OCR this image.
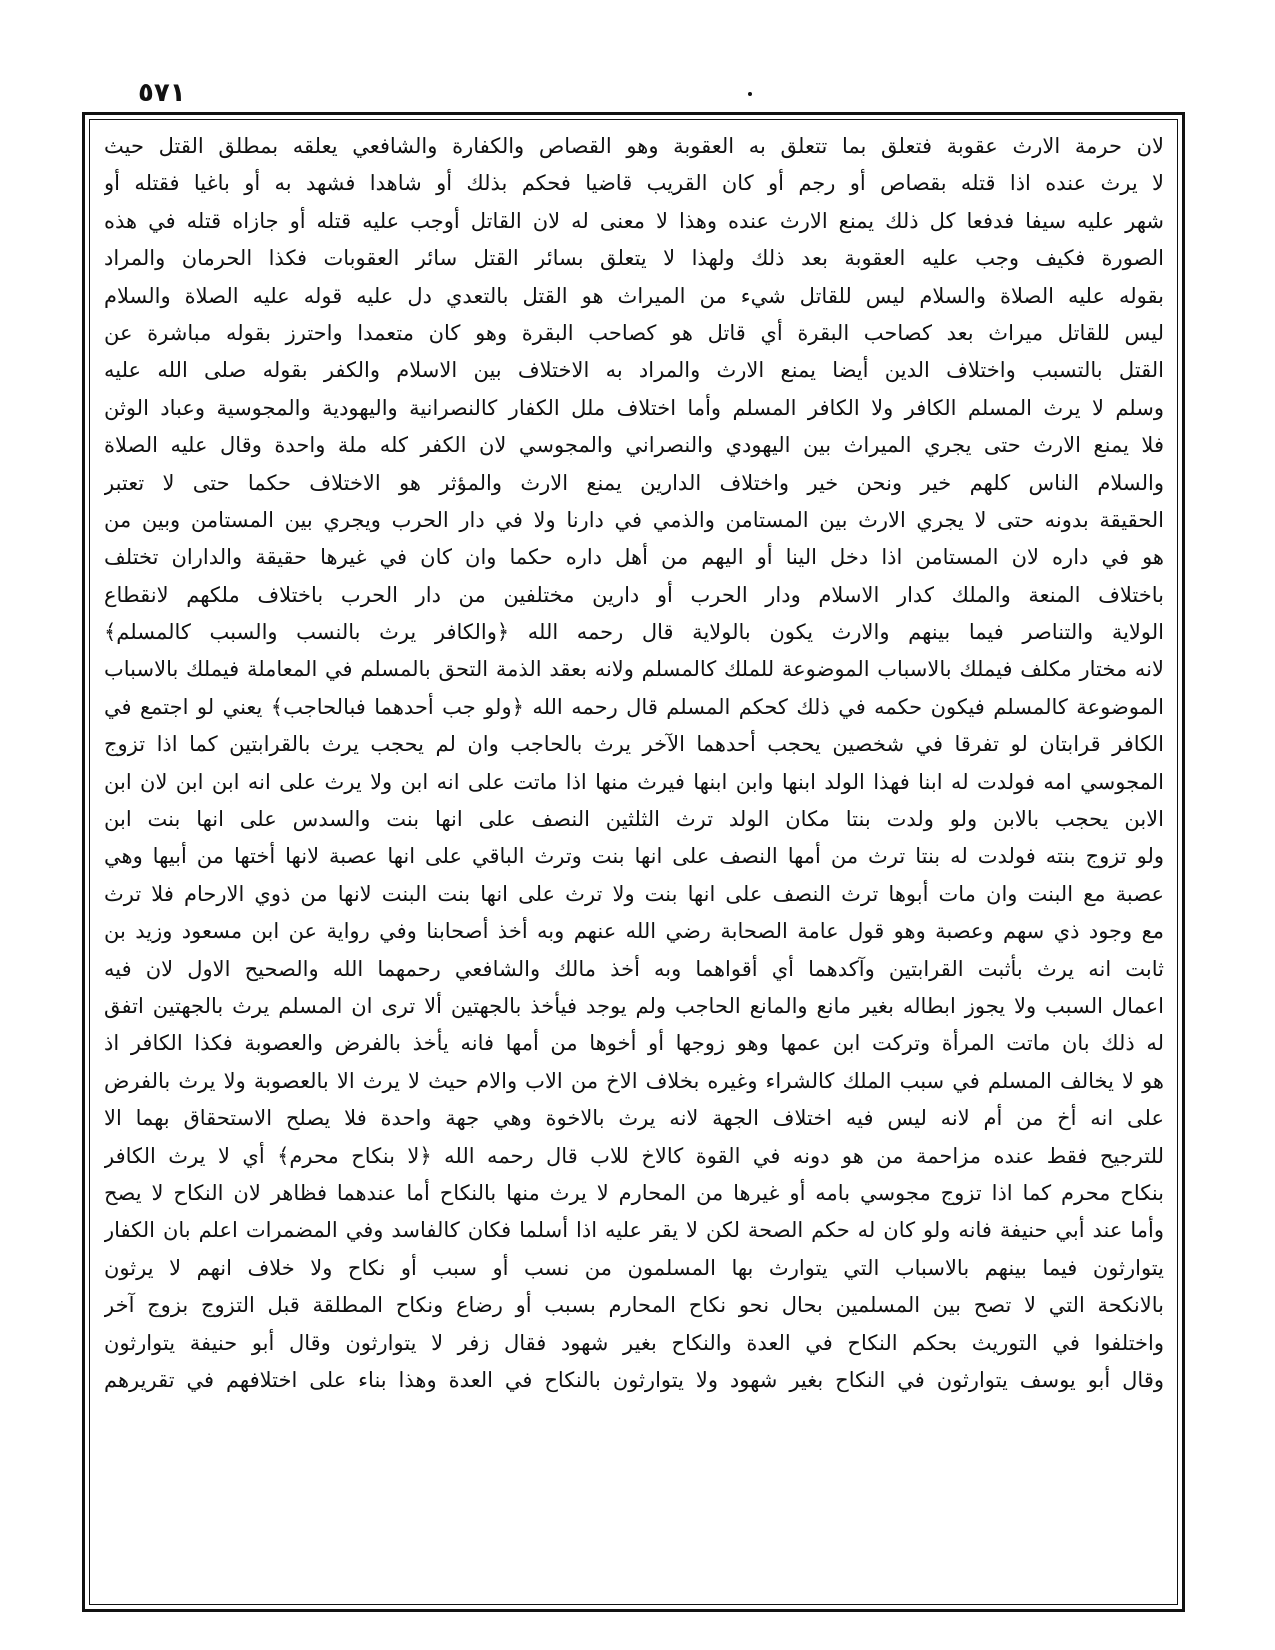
٥٧١
لان حرمة الارث عقوبة فتعلق بما تتعلق به العقوبة وهو القصاص والكفارة والشافعي يعلقه بمطلق القتل حيث
لا يرث عنده اذا قتله بقصاص أو رجم أو كان القريب قاضيا فحكم بذلك أو شاهدا فشهد به أو باغيا فقتله أو
شهر عليه سيفا فدفعا كل ذلك يمنع الارث عنده وهذا لا معنى له لان القاتل أوجب عليه قتله أو جازاه قتله في هذه
الصورة فكيف وجب عليه العقوبة بعد ذلك ولهذا لا يتعلق بسائر القتل سائر العقوبات فكذا الحرمان والمراد
بقوله عليه الصلاة والسلام ليس للقاتل شيء من الميراث هو القتل بالتعدي دل عليه قوله عليه الصلاة والسلام
ليس للقاتل ميراث بعد كصاحب البقرة أي قاتل هو كصاحب البقرة وهو كان متعمدا واحترز بقوله مباشرة عن
القتل بالتسبب واختلاف الدين أيضا يمنع الارث والمراد به الاختلاف بين الاسلام والكفر بقوله صلى الله عليه
وسلم لا يرث المسلم الكافر ولا الكافر المسلم وأما اختلاف ملل الكفار كالنصرانية واليهودية والمجوسية وعباد الوثن
فلا يمنع الارث حتى يجري الميراث بين اليهودي والنصراني والمجوسي لان الكفر كله ملة واحدة وقال عليه الصلاة
والسلام الناس كلهم خير ونحن خير واختلاف الدارين يمنع الارث والمؤثر هو الاختلاف حكما حتى لا تعتبر
الحقيقة بدونه حتى لا يجري الارث بين المستامن والذمي في دارنا ولا في دار الحرب ويجري بين المستامن وبين من
هو في داره لان المستامن اذا دخل الينا أو اليهم من أهل داره حكما وان كان في غيرها حقيقة والداران تختلف
باختلاف المنعة والملك كدار الاسلام ودار الحرب أو دارين مختلفين من دار الحرب باختلاف ملكهم لانقطاع
الولاية والتناصر فيما بينهم والارث يكون بالولاية قال رحمه الله ﴿والكافر يرث بالنسب والسبب كالمسلم﴾
لانه مختار مكلف فيملك بالاسباب الموضوعة للملك كالمسلم ولانه بعقد الذمة التحق بالمسلم في المعاملة فيملك بالاسباب
الموضوعة كالمسلم فيكون حكمه في ذلك كحكم المسلم قال رحمه الله ﴿ولو جب أحدهما فبالحاجب﴾ يعني لو اجتمع في
الكافر قرابتان لو تفرقا في شخصين يحجب أحدهما الآخر يرث بالحاجب وان لم يحجب يرث بالقرابتين كما اذا تزوج
المجوسي امه فولدت له ابنا فهذا الولد ابنها وابن ابنها فيرث منها اذا ماتت على انه ابن ولا يرث على انه ابن ابن لان ابن
الابن يحجب بالابن ولو ولدت بنتا مكان الولد ترث الثلثين النصف على انها بنت والسدس على انها بنت ابن
ولو تزوج بنته فولدت له بنتا ترث من أمها النصف على انها بنت وترث الباقي على انها عصبة لانها أختها من أبيها وهي
عصبة مع البنت وان مات أبوها ترث النصف على انها بنت ولا ترث على انها بنت البنت لانها من ذوي الارحام فلا ترث
مع وجود ذي سهم وعصبة وهو قول عامة الصحابة رضي الله عنهم وبه أخذ أصحابنا وفي رواية عن ابن مسعود وزيد بن
ثابت انه يرث بأثبت القرابتين وآكدهما أي أقواهما وبه أخذ مالك والشافعي رحمهما الله والصحيح الاول لان فيه
اعمال السبب ولا يجوز ابطاله بغير مانع والمانع الحاجب ولم يوجد فيأخذ بالجهتين ألا ترى ان المسلم يرث بالجهتين اتفق
له ذلك بان ماتت المرأة وتركت ابن عمها وهو زوجها أو أخوها من أمها فانه يأخذ بالفرض والعصوبة فكذا الكافر اذ
هو لا يخالف المسلم في سبب الملك كالشراء وغيره بخلاف الاخ من الاب والام حيث لا يرث الا بالعصوبة ولا يرث بالفرض
على انه أخ من أم لانه ليس فيه اختلاف الجهة لانه يرث بالاخوة وهي جهة واحدة فلا يصلح الاستحقاق بهما الا
للترجيح فقط عنده مزاحمة من هو دونه في القوة كالاخ للاب قال رحمه الله ﴿لا بنكاح محرم﴾ أي لا يرث الكافر
بنكاح محرم كما اذا تزوج مجوسي بامه أو غيرها من المحارم لا يرث منها بالنكاح أما عندهما فظاهر لان النكاح لا يصح
وأما عند أبي حنيفة فانه ولو كان له حكم الصحة لكن لا يقر عليه اذا أسلما فكان كالفاسد وفي المضمرات اعلم بان الكفار
يتوارثون فيما بينهم بالاسباب التي يتوارث بها المسلمون من نسب أو سبب أو نكاح ولا خلاف انهم لا يرثون
بالانكحة التي لا تصح بين المسلمين بحال نحو نكاح المحارم بسبب أو رضاع ونكاح المطلقة قبل التزوج بزوج آخر
واختلفوا في التوريث بحكم النكاح في العدة والنكاح بغير شهود فقال زفر لا يتوارثون وقال أبو حنيفة يتوارثون
وقال أبو يوسف يتوارثون في النكاح بغير شهود ولا يتوارثون بالنكاح في العدة وهذا بناء على اختلافهم في تقريرهم
